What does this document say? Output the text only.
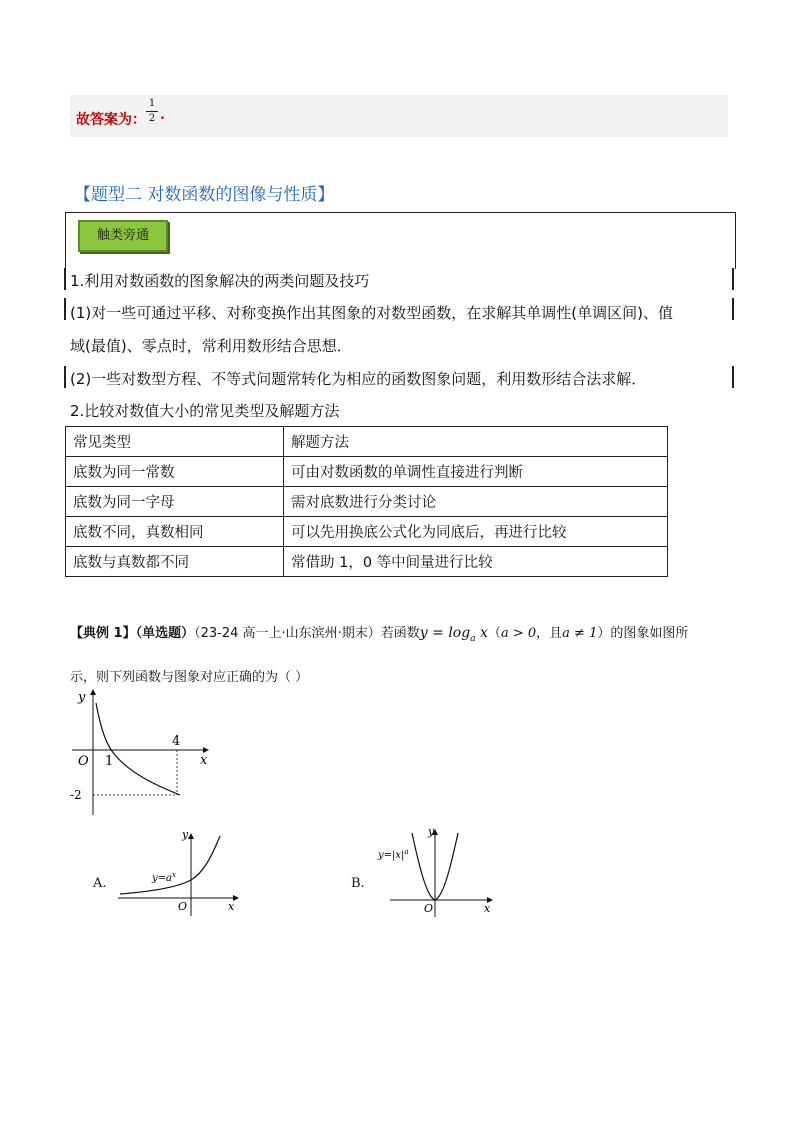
故答案为：
1
2 .
【题型二 对数函数的图像与性质】
触类旁通
1.利用对数函数的图象解决的两类问题及技巧
(1)对一些可通过平移、对称变换作出其图象的对数型函数，在求解其单调性(单调区间)、值
域(最值)、零点时，常利用数形结合思想．
(2)一些对数型方程、不等式问题常转化为相应的函数图象问题，利用数形结合法求解．
2.比较对数值大小的常见类型及解题方法
常见类型	解题方法
底数为同一常数	可由对数函数的单调性直接进行判断
底数为同一字母	需对底数进行分类讨论
底数不同，真数相同	可以先用换底公式化为同底后，再进行比较
底数与真数都不同	常借助 1，0 等中间量进行比较
【典例 1】（单选题）（23-24 高一上·山东滨州·期末）若函数$y = \log_a x(a > 0$，且a ≠ 1）的图象如图所
示，则下列函数与图象对应正确的为（ ）
y
x
O 1
4
-2
A.
y
x
O
$y=a^x$
B.
y
x
O
$y=|x|^a$
